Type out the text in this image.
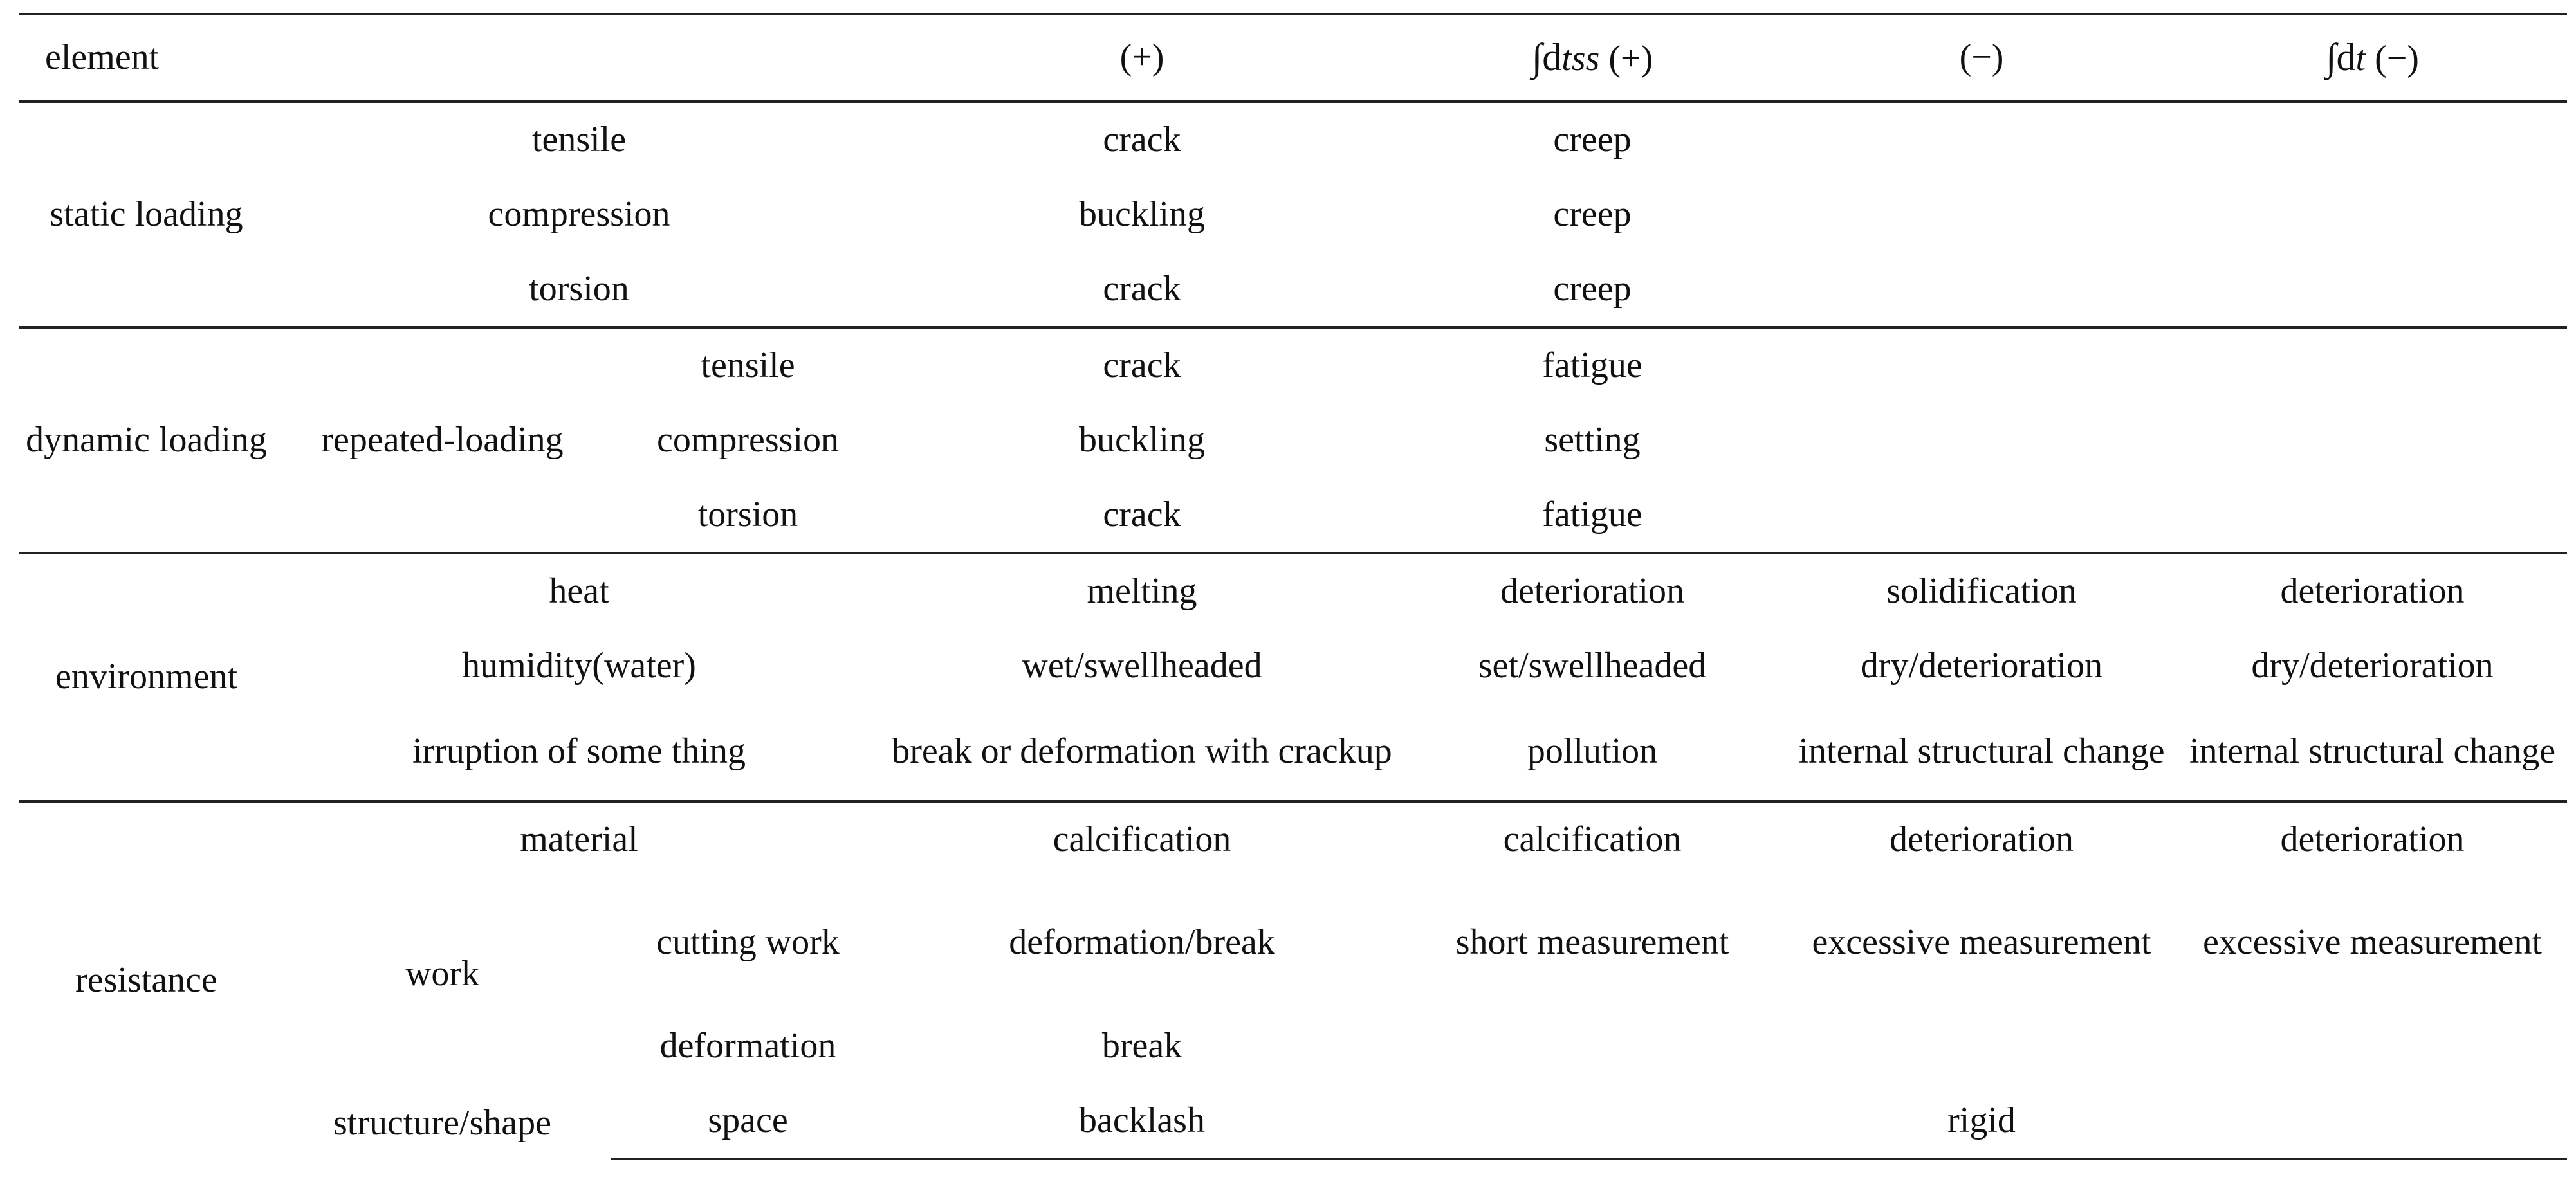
element			(+)	∫dtss (+)	(−)	∫dt (−)
static loading	tensile		crack	creep		
	compression		buckling	creep		
	torsion		crack	creep		
dynamic loading	repeated-loading	tensile	crack	fatigue		
		compression	buckling	setting		
		torsion	crack	fatigue		
environment	heat		melting	deterioration	solidification	deterioration
	humidity(water)		wet/swellheaded	set/swellheaded	dry/deterioration	dry/deterioration
	irruption of some thing		break or deformation with crackup	pollution	internal structural change	internal structural change
resistance	material		calcification	calcification	deterioration	deterioration
	work	cutting work	deformation/break	short measurement	excessive measurement	excessive measurement
	structure/shape	deformation	break			
		space	backlash		rigid	
